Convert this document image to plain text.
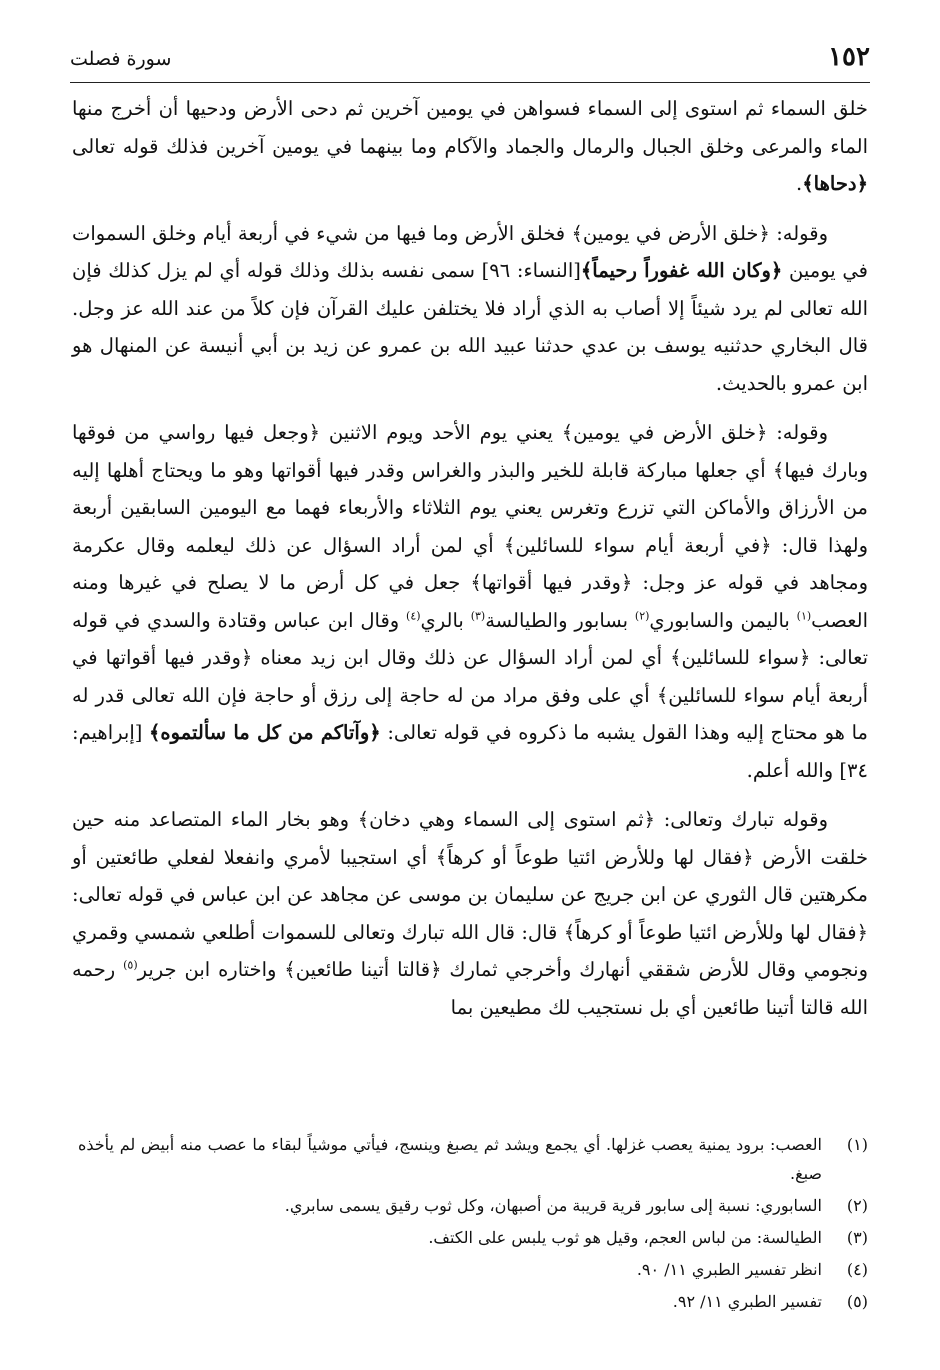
١٥٢
سورة فصلت

خلق السماء ثم استوى إلى السماء فسواهن في يومين آخرين ثم دحى الأرض ودحيها أن أخرج منها الماء والمرعى وخلق الجبال والرمال والجماد والآكام وما بينهما في يومين آخرين فذلك قوله تعالى ﴿دحاها﴾.

وقوله: ﴿خلق الأرض في يومين﴾ فخلق الأرض وما فيها من شيء في أربعة أيام وخلق السموات في يومين ﴿وكان الله غفوراً رحيماً﴾[النساء: ٩٦] سمى نفسه بذلك وذلك قوله أي لم يزل كذلك فإن الله تعالى لم يرد شيئاً إلا أصاب به الذي أراد فلا يختلفن عليك القرآن فإن كلاً من عند الله عز وجل. قال البخاري حدثنيه يوسف بن عدي حدثنا عبيد الله بن عمرو عن زيد بن أبي أنيسة عن المنهال هو ابن عمرو بالحديث.

وقوله: ﴿خلق الأرض في يومين﴾ يعني يوم الأحد ويوم الاثنين ﴿وجعل فيها رواسي من فوقها وبارك فيها﴾ أي جعلها مباركة قابلة للخير والبذر والغراس وقدر فيها أقواتها وهو ما ويحتاج أهلها إليه من الأرزاق والأماكن التي تزرع وتغرس يعني يوم الثلاثاء والأربعاء فهما مع اليومين السابقين أربعة ولهذا قال: ﴿في أربعة أيام سواء للسائلين﴾ أي لمن أراد السؤال عن ذلك ليعلمه وقال عكرمة ومجاهد في قوله عز وجل: ﴿وقدر فيها أقواتها﴾ جعل في كل أرض ما لا يصلح في غيرها ومنه العصب$^{(١)}$ باليمن والسابوري$^{(٢)}$ بسابور والطيالسة$^{(٣)}$ بالري$^{(٤)}$ وقال ابن عباس وقتادة والسدي في قوله تعالى: ﴿سواء للسائلين﴾ أي لمن أراد السؤال عن ذلك وقال ابن زيد معناه ﴿وقدر فيها أقواتها في أربعة أيام سواء للسائلين﴾ أي على وفق مراد من له حاجة إلى رزق أو حاجة فإن الله تعالى قدر له ما هو محتاج إليه وهذا القول يشبه ما ذكروه في قوله تعالى: ﴿وآتاكم من كل ما سألتموه﴾ [إبراهيم: ٣٤] والله أعلم.

وقوله تبارك وتعالى: ﴿ثم استوى إلى السماء وهي دخان﴾ وهو بخار الماء المتصاعد منه حين خلقت الأرض ﴿فقال لها وللأرض ائتيا طوعاً أو كرهاً﴾ أي استجيبا لأمري وانفعلا لفعلي طائعتين أو مكرهتين قال الثوري عن ابن جريج عن سليمان بن موسى عن مجاهد عن ابن عباس في قوله تعالى: ﴿فقال لها وللأرض ائتيا طوعاً أو كرهاً﴾ قال: قال الله تبارك وتعالى للسموات أطلعي شمسي وقمري ونجومي وقال للأرض شققي أنهارك وأخرجي ثمارك ﴿قالتا أتينا طائعين﴾ واختاره ابن جرير$^{(٥)}$ رحمه الله قالتا أتينا طائعين أي بل نستجيب لك مطيعين بما

(١)
العصب: برود يمنية يعصب غزلها. أي يجمع ويشد ثم يصبغ وينسج، فيأتي موشياً لبقاء ما عصب منه أبيض لم يأخذه صبغ.
(٢)
السابوري: نسبة إلى سابور قرية قريبة من أصبهان، وكل ثوب رقيق يسمى سابري.
(٣)
الطيالسة: من لباس العجم، وقيل هو ثوب يلبس على الكتف.
(٤)
انظر تفسير الطبري ١١/ ٩٠.
(٥)
تفسير الطبري ١١/ ٩٢.
